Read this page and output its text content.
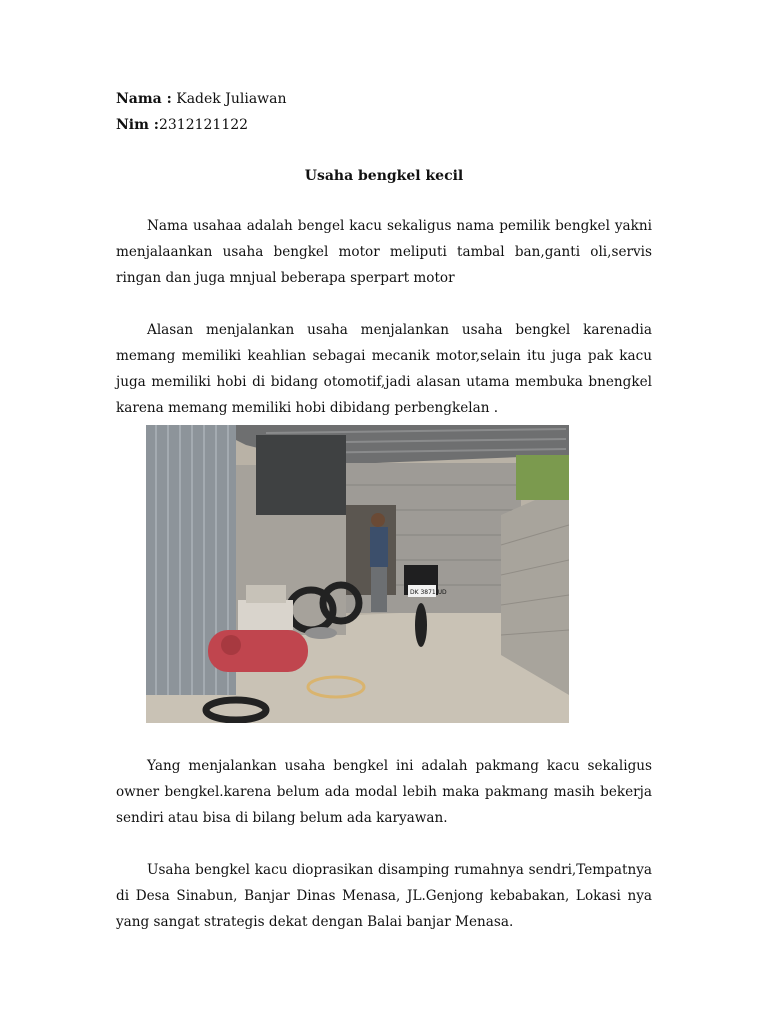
Nama : Kadek Juliawan
Nim :2312121122
Usaha bengkel kecil

Nama usahaa adalah bengel kacu sekaligus nama pemilik bengkel yakni menjalaankan usaha bengkel motor meliputi tambal ban,ganti oli,servis ringan dan juga mnjual beberapa sperpart motor

Alasan menjalankan usaha menjalankan usaha bengkel karenadia memang memiliki keahlian sebagai mecanik motor,selain itu juga pak kacu juga memiliki hobi di bidang otomotif,jadi alasan utama membuka bnengkel karena memang memiliki hobi dibidang perbengkelan .

DK 3871 UD

Yang menjalankan usaha bengkel ini adalah pakmang kacu sekaligus owner bengkel.karena belum ada modal lebih maka pakmang masih bekerja sendiri atau bisa di bilang belum ada karyawan.

Usaha bengkel kacu dioprasikan disamping rumahnya sendri,Tempatnya di Desa Sinabun, Banjar Dinas Menasa, JL.Genjong kebabakan, Lokasi nya yang sangat strategis dekat dengan Balai banjar Menasa.
